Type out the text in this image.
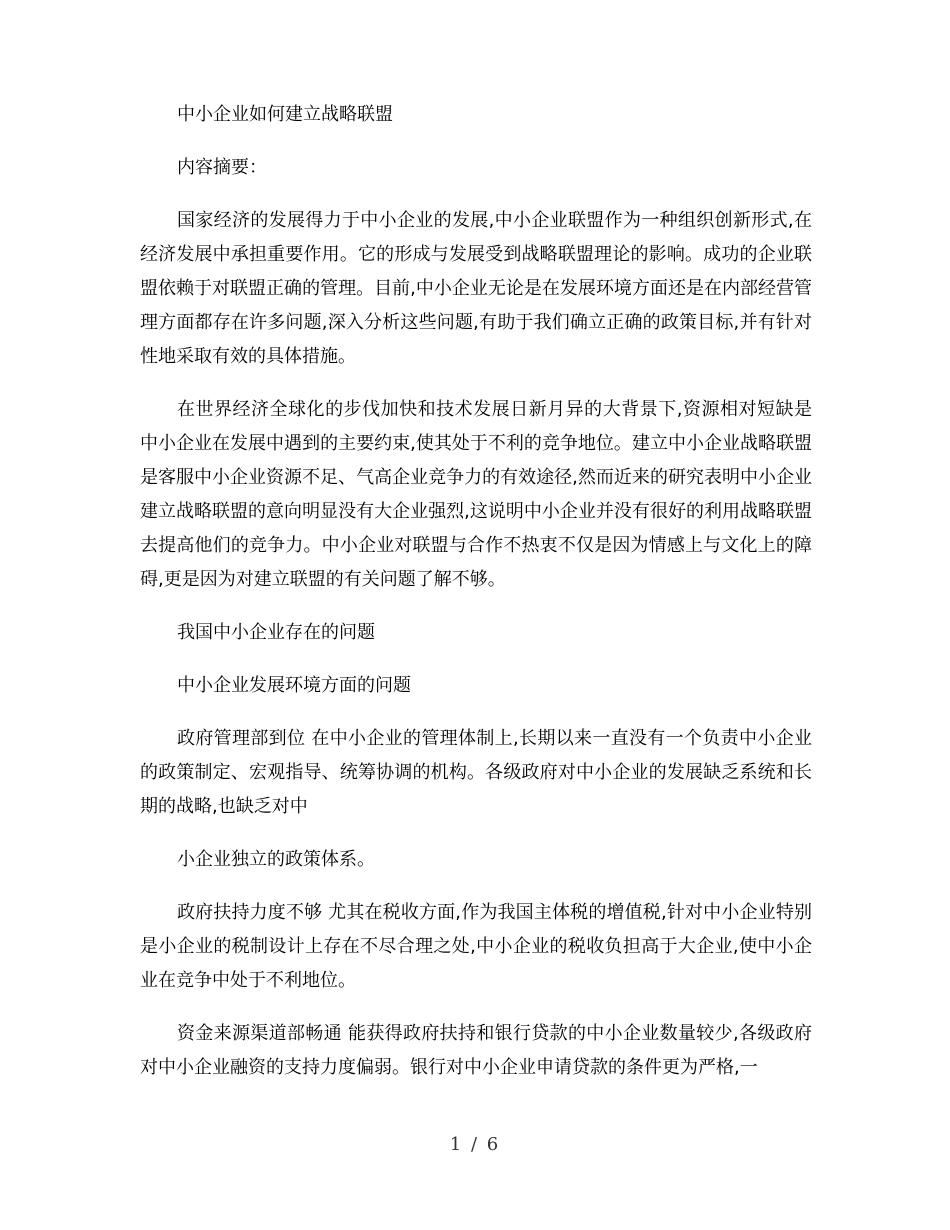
中小企业如何建立战略联盟

内容摘要：

国家经济的发展得力于中小企业的发展,中小企业联盟作为一种组织创新形式,在经济发展中承担重要作用。它的形成与发展受到战略联盟理论的影响。成功的企业联盟依赖于对联盟正确的管理。目前,中小企业无论是在发展环境方面还是在内部经营管理方面都存在许多问题,深入分析这些问题,有助于我们确立正确的政策目标,并有针对性地采取有效的具体措施。

在世界经济全球化的步伐加快和技术发展日新月异的大背景下,资源相对短缺是中小企业在发展中遇到的主要约束,使其处于不利的竞争地位。建立中小企业战略联盟是客服中小企业资源不足、气高企业竞争力的有效途径,然而近来的研究表明中小企业建立战略联盟的意向明显没有大企业强烈,这说明中小企业并没有很好的利用战略联盟去提高他们的竞争力。中小企业对联盟与合作不热衷不仅是因为情感上与文化上的障碍,更是因为对建立联盟的有关问题了解不够。

我国中小企业存在的问题

中小企业发展环境方面的问题

政府管理部到位 在中小企业的管理体制上,长期以来一直没有一个负责中小企业的政策制定、宏观指导、统筹协调的机构。各级政府对中小企业的发展缺乏系统和长期的战略,也缺乏对中

小企业独立的政策体系。

政府扶持力度不够 尤其在税收方面,作为我国主体税的增值税,针对中小企业特别是小企业的税制设计上存在不尽合理之处,中小企业的税收负担高于大企业,使中小企业在竞争中处于不利地位。

资金来源渠道部畅通 能获得政府扶持和银行贷款的中小企业数量较少,各级政府对中小企业融资的支持力度偏弱。银行对中小企业申请贷款的条件更为严格,一

1 / 6
